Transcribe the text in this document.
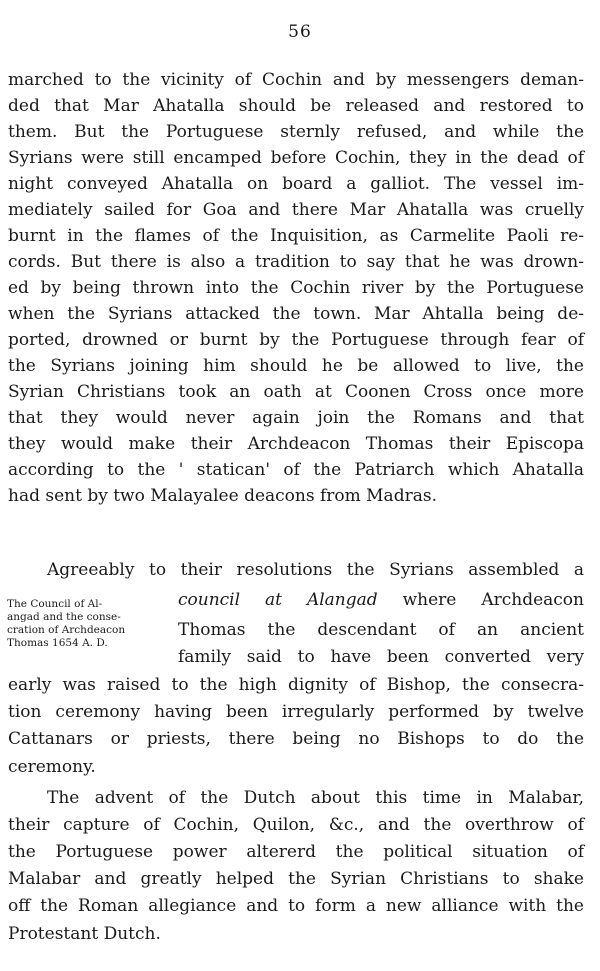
56
marched to the vicinity of Cochin and by messengers deman-
ded that Mar Ahatalla should be released and restored to
them. But the Portuguese sternly refused, and while the
Syrians were still encamped before Cochin, they in the dead of
night conveyed Ahatalla on board a galliot. The vessel im-
mediately sailed for Goa and there Mar Ahatalla was cruelly
burnt in the flames of the Inquisition, as Carmelite Paoli re-
cords. But there is also a tradition to say that he was drown-
ed by being thrown into the Cochin river by the Portuguese
when the Syrians attacked the town. Mar Ahtalla being de-
ported, drowned or burnt by the Portuguese through fear of
the Syrians joining him should he be allowed to live, the
Syrian Christians took an oath at Coonen Cross once more
that they would never again join the Romans and that
they would make their Archdeacon Thomas their Episcopa
according to the ' statican' of the Patriarch which Ahatalla
had sent by two Malayalee deacons from Madras.
Agreeably to their resolutions the Syrians assembled a
council at Alangad where Archdeacon
Thomas the descendant of an ancient
family said to have been converted very
early was raised to the high dignity of Bishop, the consecra-
tion ceremony having been irregularly performed by twelve
Cattanars or priests, there being no Bishops to do the
ceremony.
The Council of Al-
angad and the conse-
cration of Archdeacon
Thomas 1654 A. D.
The advent of the Dutch about this time in Malabar,
their capture of Cochin, Quilon, &c., and the overthrow of
the Portuguese power altererd the political situation of
Malabar and greatly helped the Syrian Christians to shake
off the Roman allegiance and to form a new alliance with the
Protestant Dutch.
